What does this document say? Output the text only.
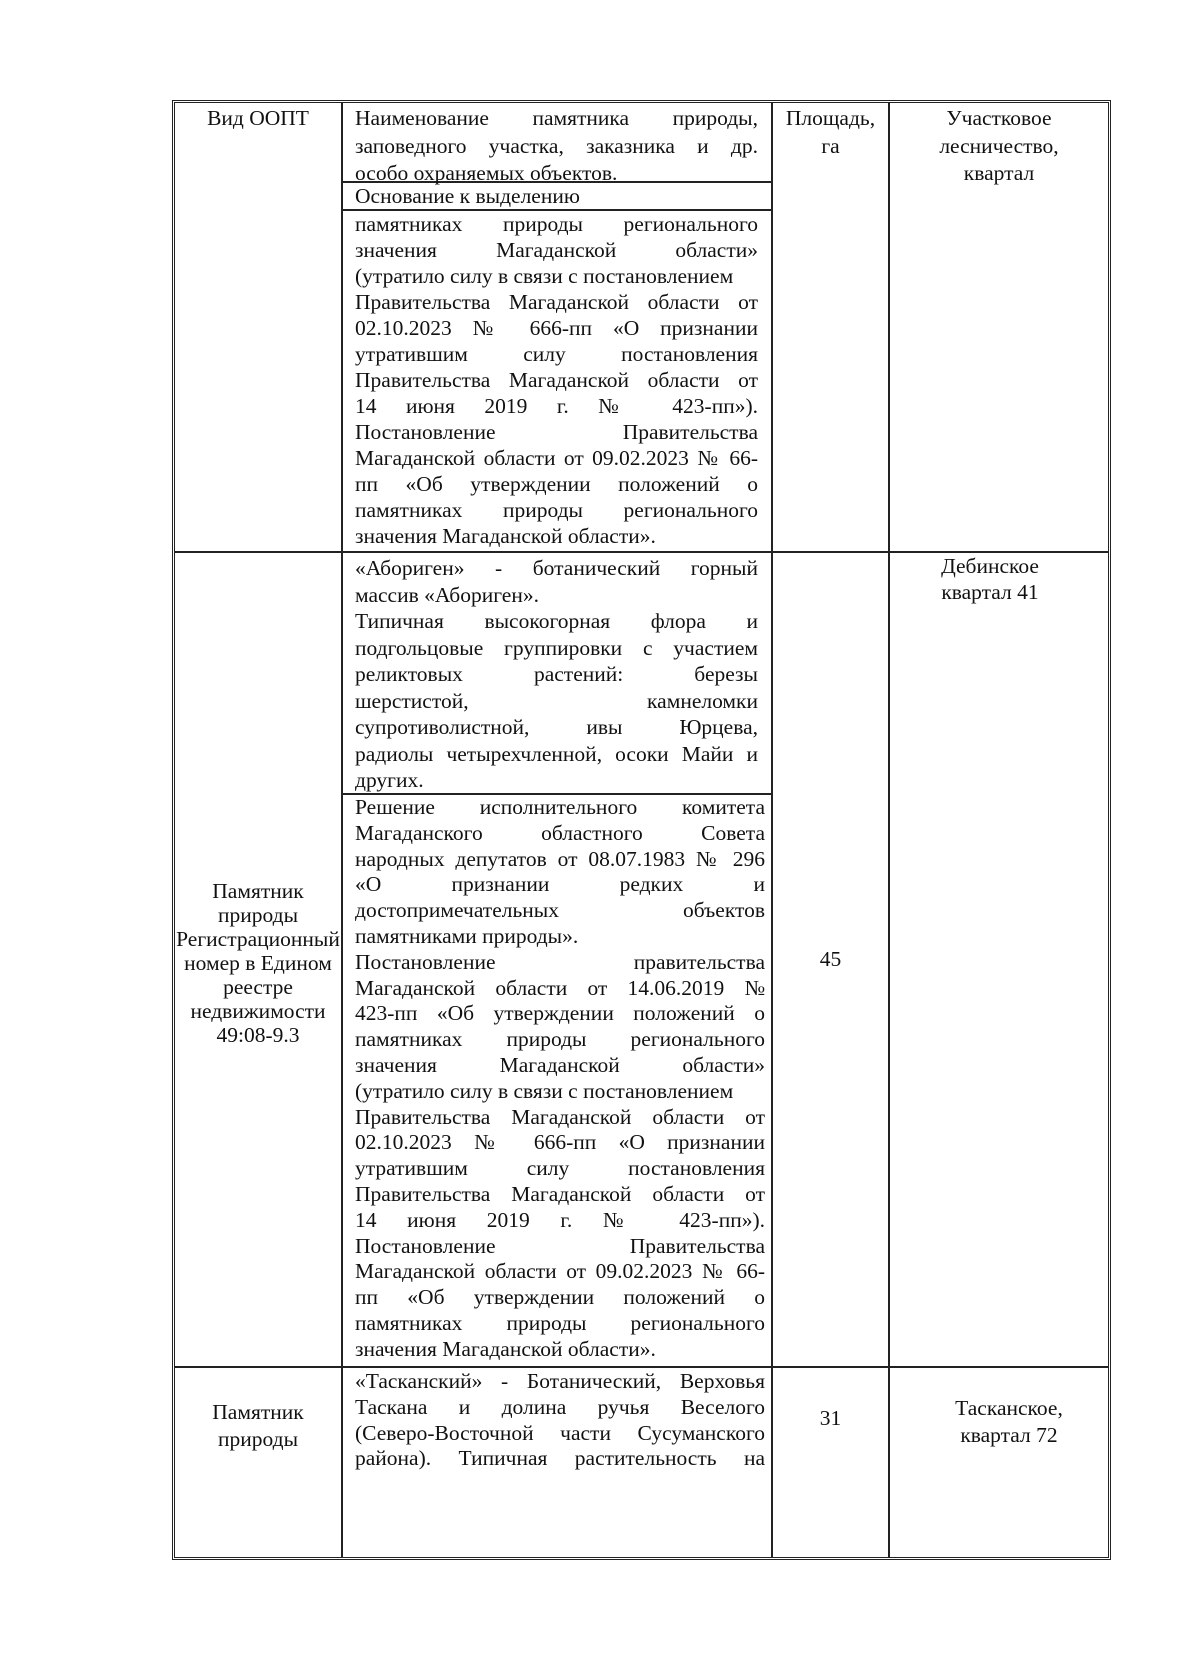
Вид ООПТ	Наименование памятника природы,
заповедного участка, заказника и др.
особо охраняемых объектов.
Основание к выделению
Площадь,
га
Участковое
лесничество,
квартал
памятниках природы регионального
значения Магаданской области»
(утратило силу в связи с постановлением
Правительства Магаданской области от
02.10.2023 № 666-пп «О признании
утратившим силу постановления
Правительства Магаданской области от
14 июня 2019 г. № 423-пп»).
Постановление Правительства
Магаданской области от 09.02.2023 № 66-
пп «Об утверждении положений о
памятниках природы регионального
значения Магаданской области».
Памятник
природы
Регистрационный
номер в Едином
реестре
недвижимости
49:08-9.3
«Абориген» - ботанический горный
массив «Абориген».
Типичная высокогорная флора и
подгольцовые группировки с участием
реликтовых растений: березы
шерстистой, камнеломки
супротиволистной, ивы Юрцева,
радиолы четырехчленной, осоки Майи и
других.
Решение исполнительного комитета
Магаданского областного Совета
народных депутатов от 08.07.1983 № 296
«О признании редких и
достопримечательных объектов
памятниками природы».
Постановление правительства
Магаданской области от 14.06.2019 №
423-пп «Об утверждении положений о
памятниках природы регионального
значения Магаданской области»
(утратило силу в связи с постановлением
Правительства Магаданской области от
02.10.2023 № 666-пп «О признании
утратившим силу постановления
Правительства Магаданской области от
14 июня 2019 г. № 423-пп»).
Постановление Правительства
Магаданской области от 09.02.2023 № 66-
пп «Об утверждении положений о
памятниках природы регионального
значения Магаданской области».
45
Дебинское
квартал 41
Памятник
природы
«Тасканский» - Ботанический, Верховья
Таскана и долина ручья Веселого
(Северо-Восточной части Сусуманского
района). Типичная растительность на
31	Тасканское,
квартал 72
